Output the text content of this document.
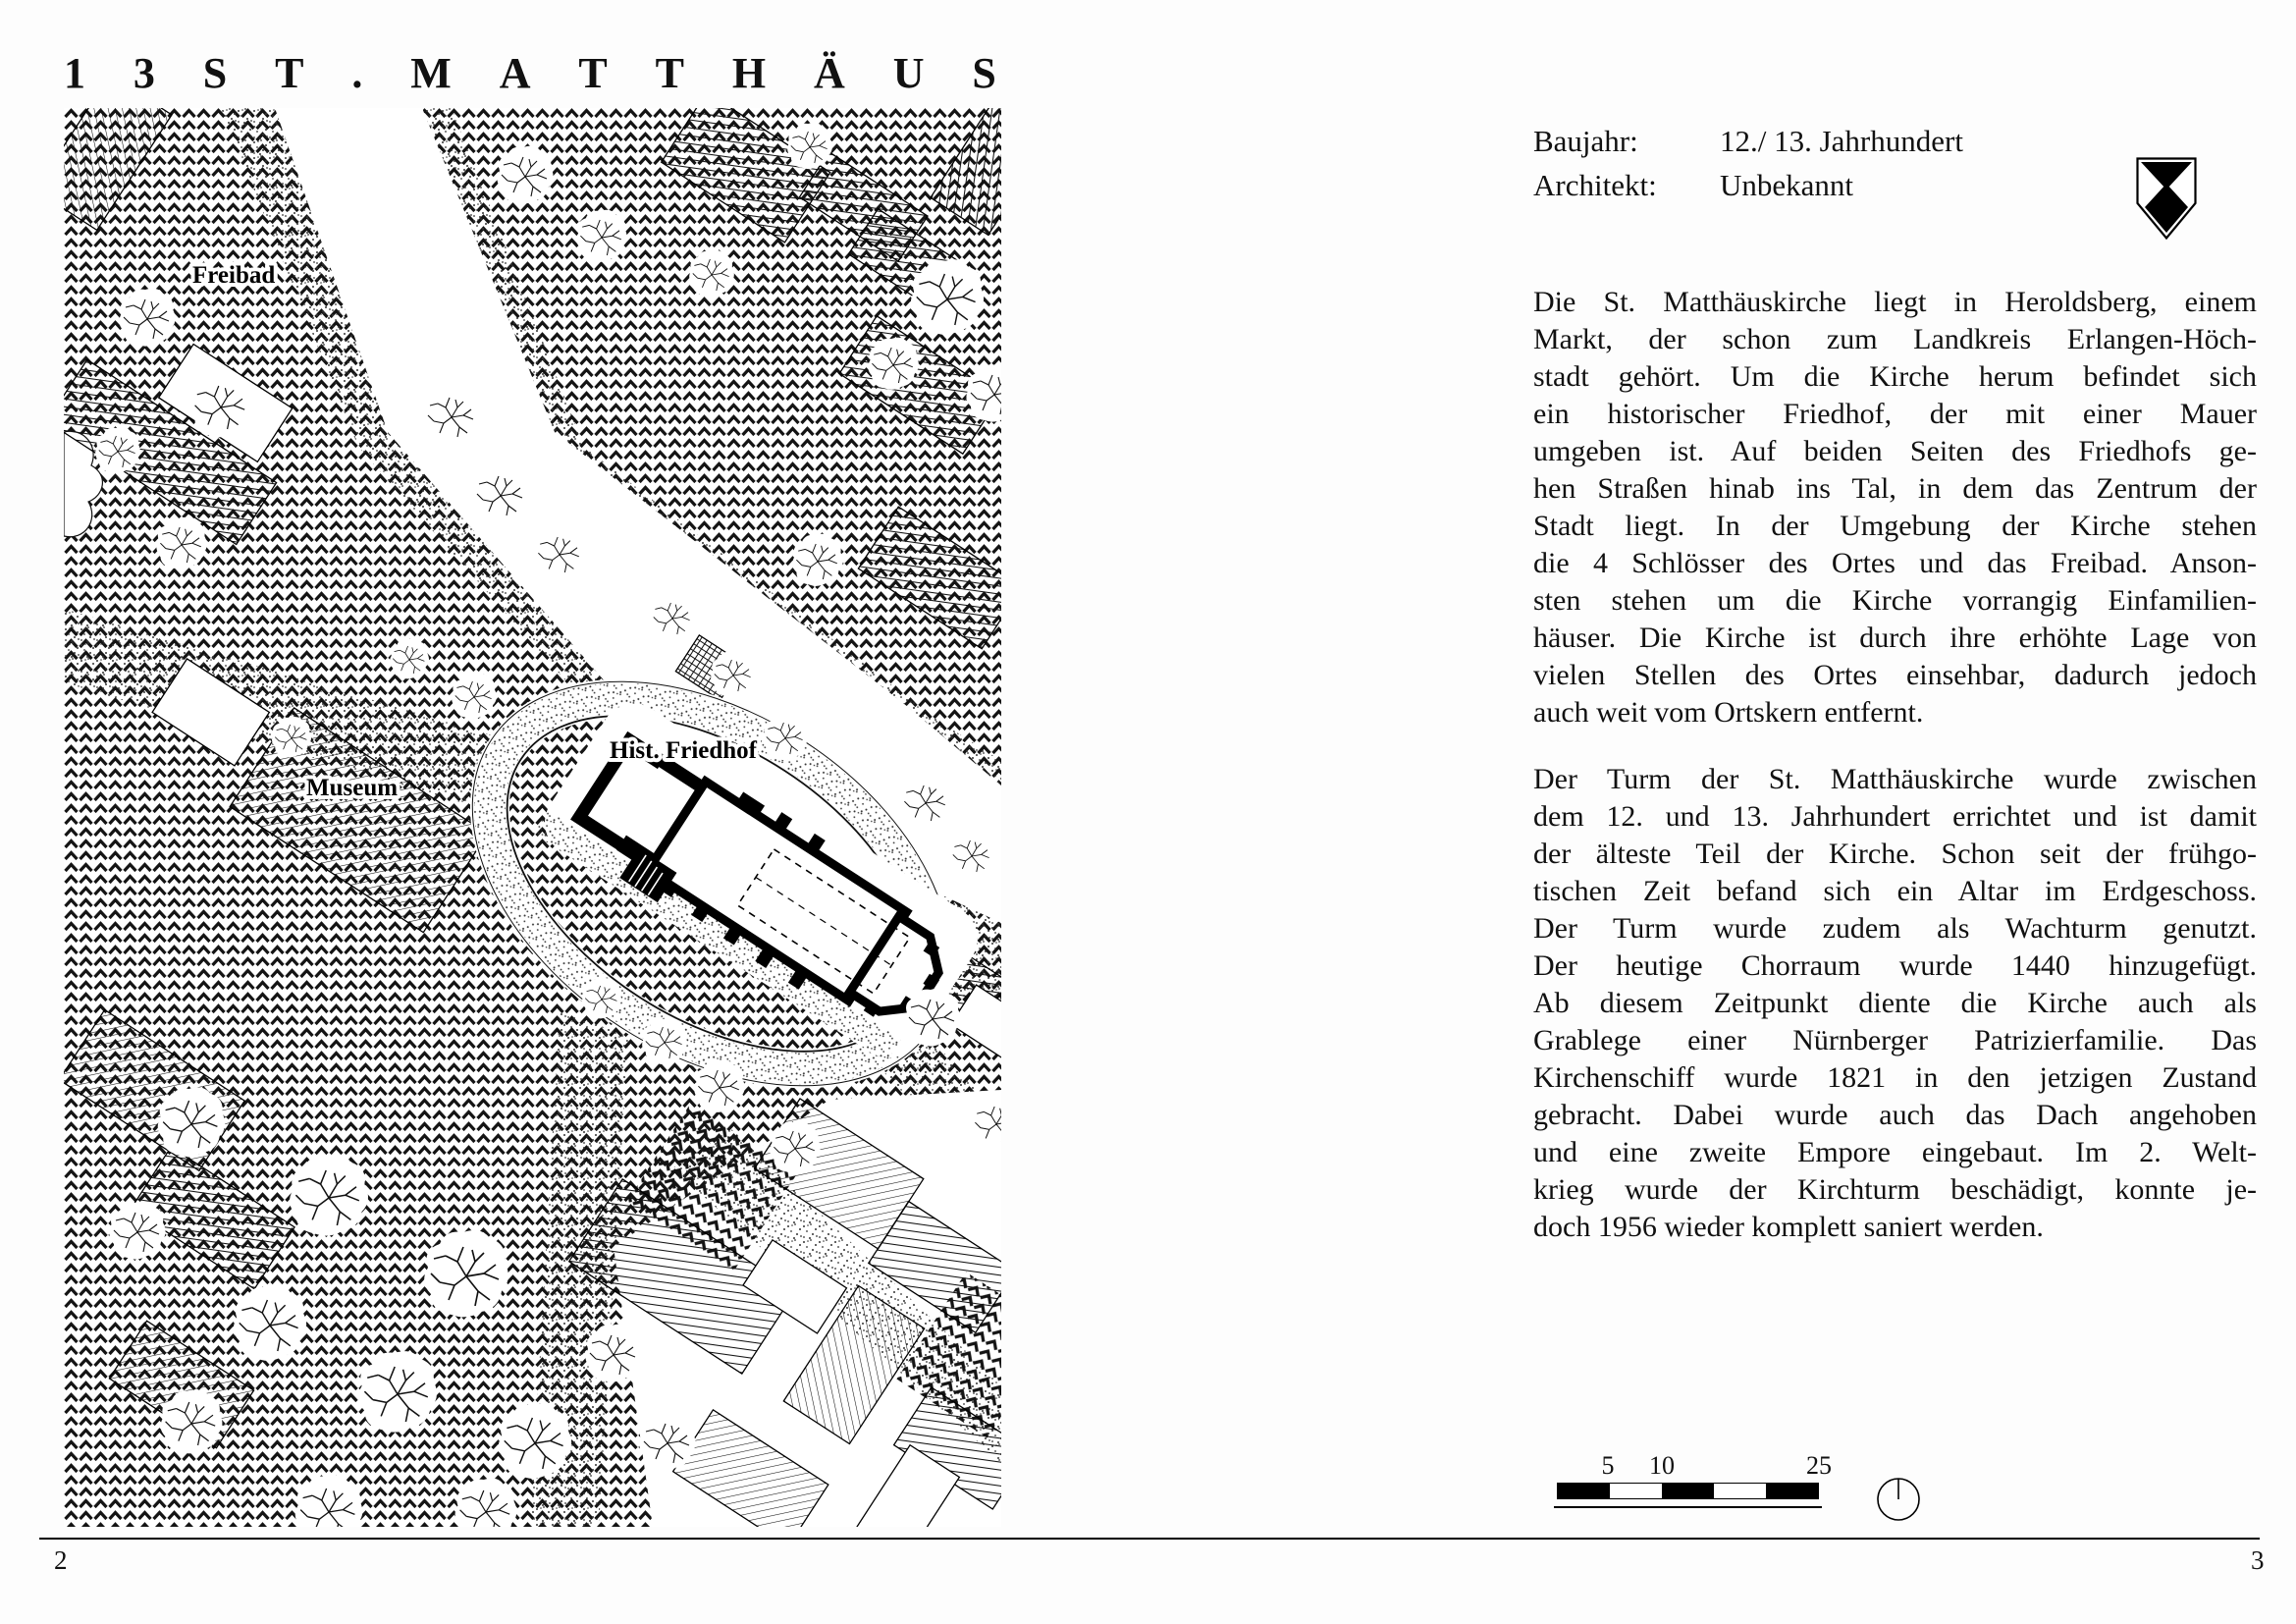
1 3 S T . M A T T H Ä U S
Freibad
Museum
Hist. Friedhof
Baujahr:	12./ 13. Jahrhundert
Architekt:	Unbekannt
Die St. Matthäuskirche liegt in Heroldsberg, einem
Markt, der schon zum Landkreis Erlangen-Höch-
stadt gehört. Um die Kirche herum befindet sich
ein historischer Friedhof, der mit einer Mauer
umgeben ist. Auf beiden Seiten des Friedhofs ge-
hen Straßen hinab ins Tal, in dem das Zentrum der
Stadt liegt. In der Umgebung der Kirche stehen
die 4 Schlösser des Ortes und das Freibad. Anson-
sten stehen um die Kirche vorrangig Einfamilien-
häuser. Die Kirche ist durch ihre erhöhte Lage von
vielen Stellen des Ortes einsehbar, dadurch jedoch
auch weit vom Ortskern entfernt.
Der Turm der St. Matthäuskirche wurde zwischen
dem 12. und 13. Jahrhundert errichtet und ist damit
der älteste Teil der Kirche. Schon seit der frühgo-
tischen Zeit befand sich ein Altar im Erdgeschoss.
Der Turm wurde zudem als Wachturm genutzt.
Der heutige Chorraum wurde 1440 hinzugefügt.
Ab diesem Zeitpunkt diente die Kirche auch als
Grablege einer Nürnberger Patrizierfamilie. Das
Kirchenschiff wurde 1821 in den jetzigen Zustand
gebracht. Dabei wurde auch das Dach angehoben
und eine zweite Empore eingebaut. Im 2. Welt-
krieg wurde der Kirchturm beschädigt, konnte je-
doch 1956 wieder komplett saniert werden.
5 10	25
2	3
